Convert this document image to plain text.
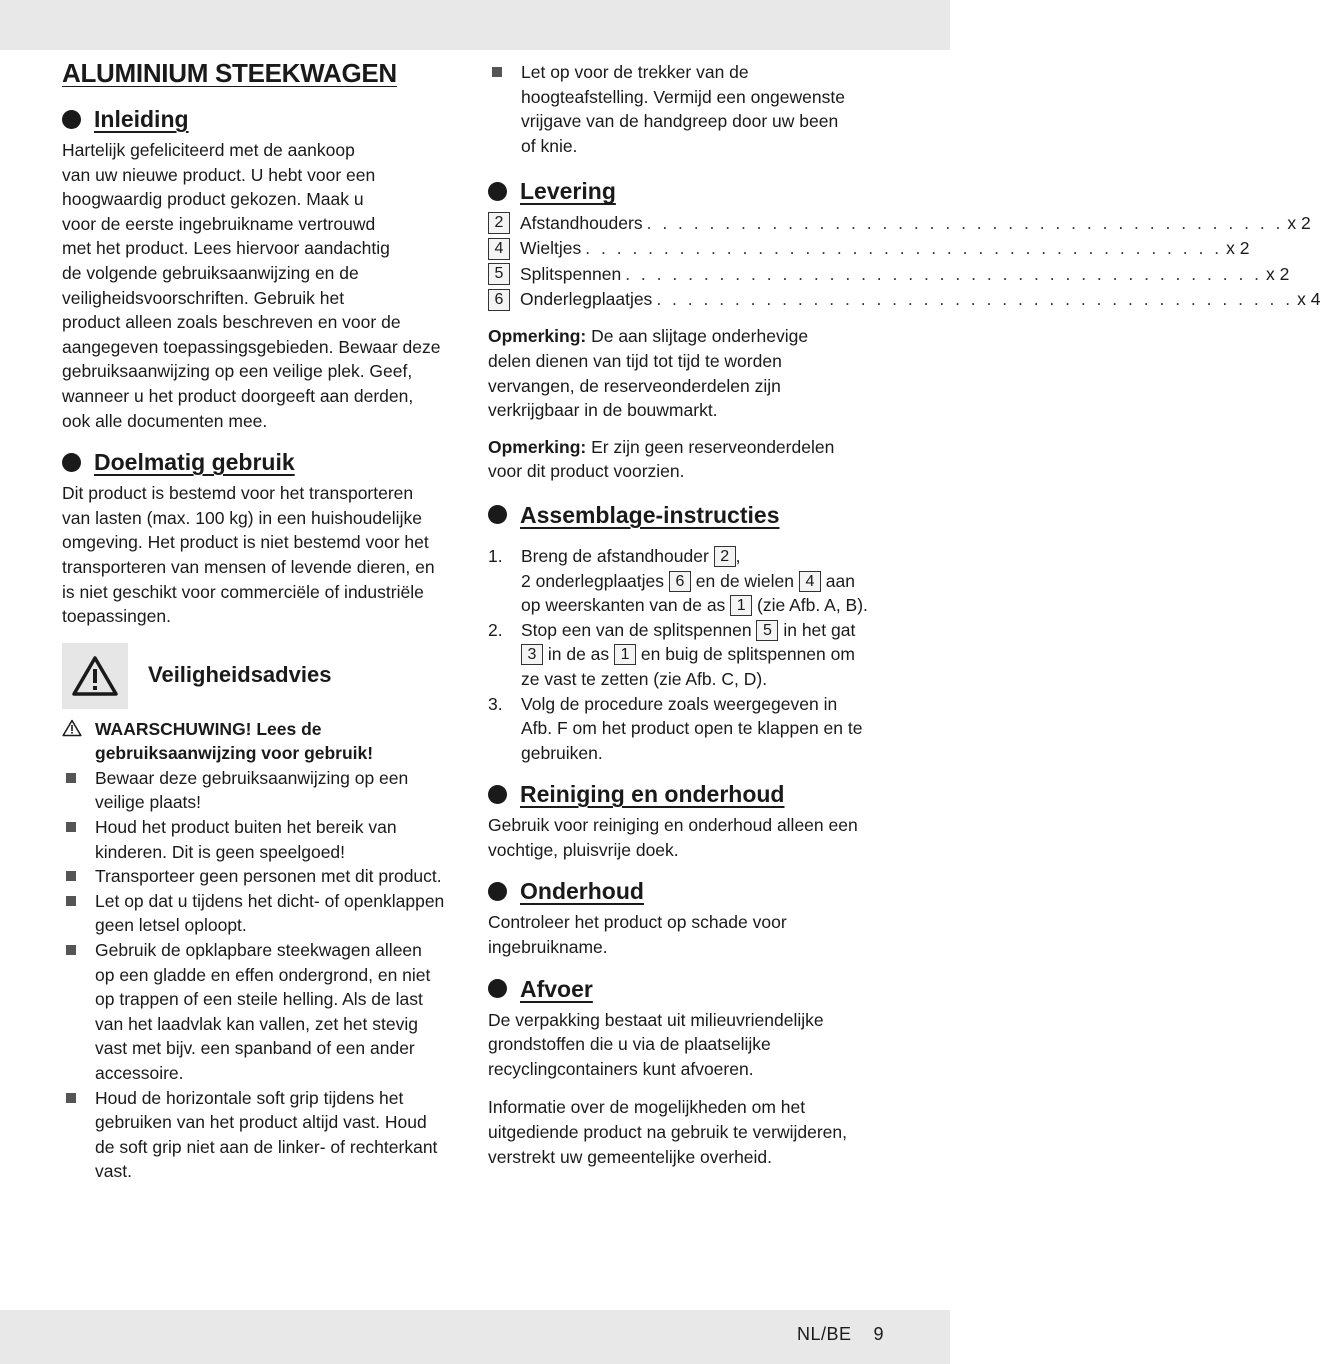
ALUMINIUM STEEKWAGEN
Inleiding

Hartelijk gefeliciteerd met de aankoop
van uw nieuwe product. U hebt voor een
hoogwaardig product gekozen. Maak u
voor de eerste ingebruikname vertrouwd
met het product. Lees hiervoor aandachtig
de volgende gebruiksaanwijzing en de
veiligheidsvoorschriften. Gebruik het
product alleen zoals beschreven en voor de
aangegeven toepassingsgebieden. Bewaar deze
gebruiksaanwijzing op een veilige plek. Geef,
wanneer u het product doorgeeft aan derden,
ook alle documenten mee.

Doelmatig gebruik

Dit product is bestemd voor het transporteren
van lasten (max. 100 kg) in een huishoudelijke
omgeving. Het product is niet bestemd voor het
transporteren van mensen of levende dieren, en
is niet geschikt voor commerciële of industriële
toepassingen.

Veiligheidsadvies
WAARSCHUWING! Lees de
gebruiksaanwijzing voor gebruik!
Bewaar deze gebruiksaanwijzing op een
veilige plaats!
Houd het product buiten het bereik van
kinderen. Dit is geen speelgoed!
Transporteer geen personen met dit product.
Let op dat u tijdens het dicht- of openklappen
geen letsel oploopt.
Gebruik de opklapbare steekwagen alleen
op een gladde en effen ondergrond, en niet
op trappen of een steile helling. Als de last
van het laadvlak kan vallen, zet het stevig
vast met bijv. een spanband of een ander
accessoire.
Houd de horizontale soft grip tijdens het
gebruiken van het product altijd vast. Houd
de soft grip niet aan de linker- of rechterkant
vast.
Let op voor de trekker van de
hoogteafstelling. Vermijd een ongewenste
vrijgave van de handgreep door uw been
of knie.
Levering
2 Afstandhouders . . . . . . . . . . . . . . . . . . . . . . . . . . . . . . . . . . . . . . . . . x 2
4 Wieltjes . . . . . . . . . . . . . . . . . . . . . . . . . . . . . . . . . . . . . . . . . x 2
5 Splitspennen . . . . . . . . . . . . . . . . . . . . . . . . . . . . . . . . . . . . . . . . . x 2
6 Onderlegplaatjes . . . . . . . . . . . . . . . . . . . . . . . . . . . . . . . . . . . . . . . . . x 4

Opmerking: De aan slijtage onderhevige
delen dienen van tijd tot tijd te worden
vervangen, de reserveonderdelen zijn
verkrijgbaar in de bouwmarkt.

Opmerking: Er zijn geen reserveonderdelen
voor dit product voorzien.

Assemblage-instructies
1.	Breng de afstandhouder 2 ,
2 onderlegplaatjes 6 en de wielen 4 aan
op weerskanten van de as 1 (zie Afb. A, B).
2.	Stop een van de splitspennen 5 in het gat
3 in de as 1 en buig de splitspennen om
ze vast te zetten (zie Afb. C, D).
3.	Volg de procedure zoals weergegeven in
Afb. F om het product open te klappen en te
gebruiken.
Reiniging en onderhoud

Gebruik voor reiniging en onderhoud alleen een
vochtige, pluisvrije doek.

Onderhoud

Controleer het product op schade voor
ingebruikname.

Afvoer

De verpakking bestaat uit milieuvriendelijke
grondstoffen die u via de plaatselijke
recyclingcontainers kunt afvoeren.

Informatie over de mogelijkheden om het
uitgediende product na gebruik te verwijderen,
verstrekt uw gemeentelijke overheid.

NL/BE 9
